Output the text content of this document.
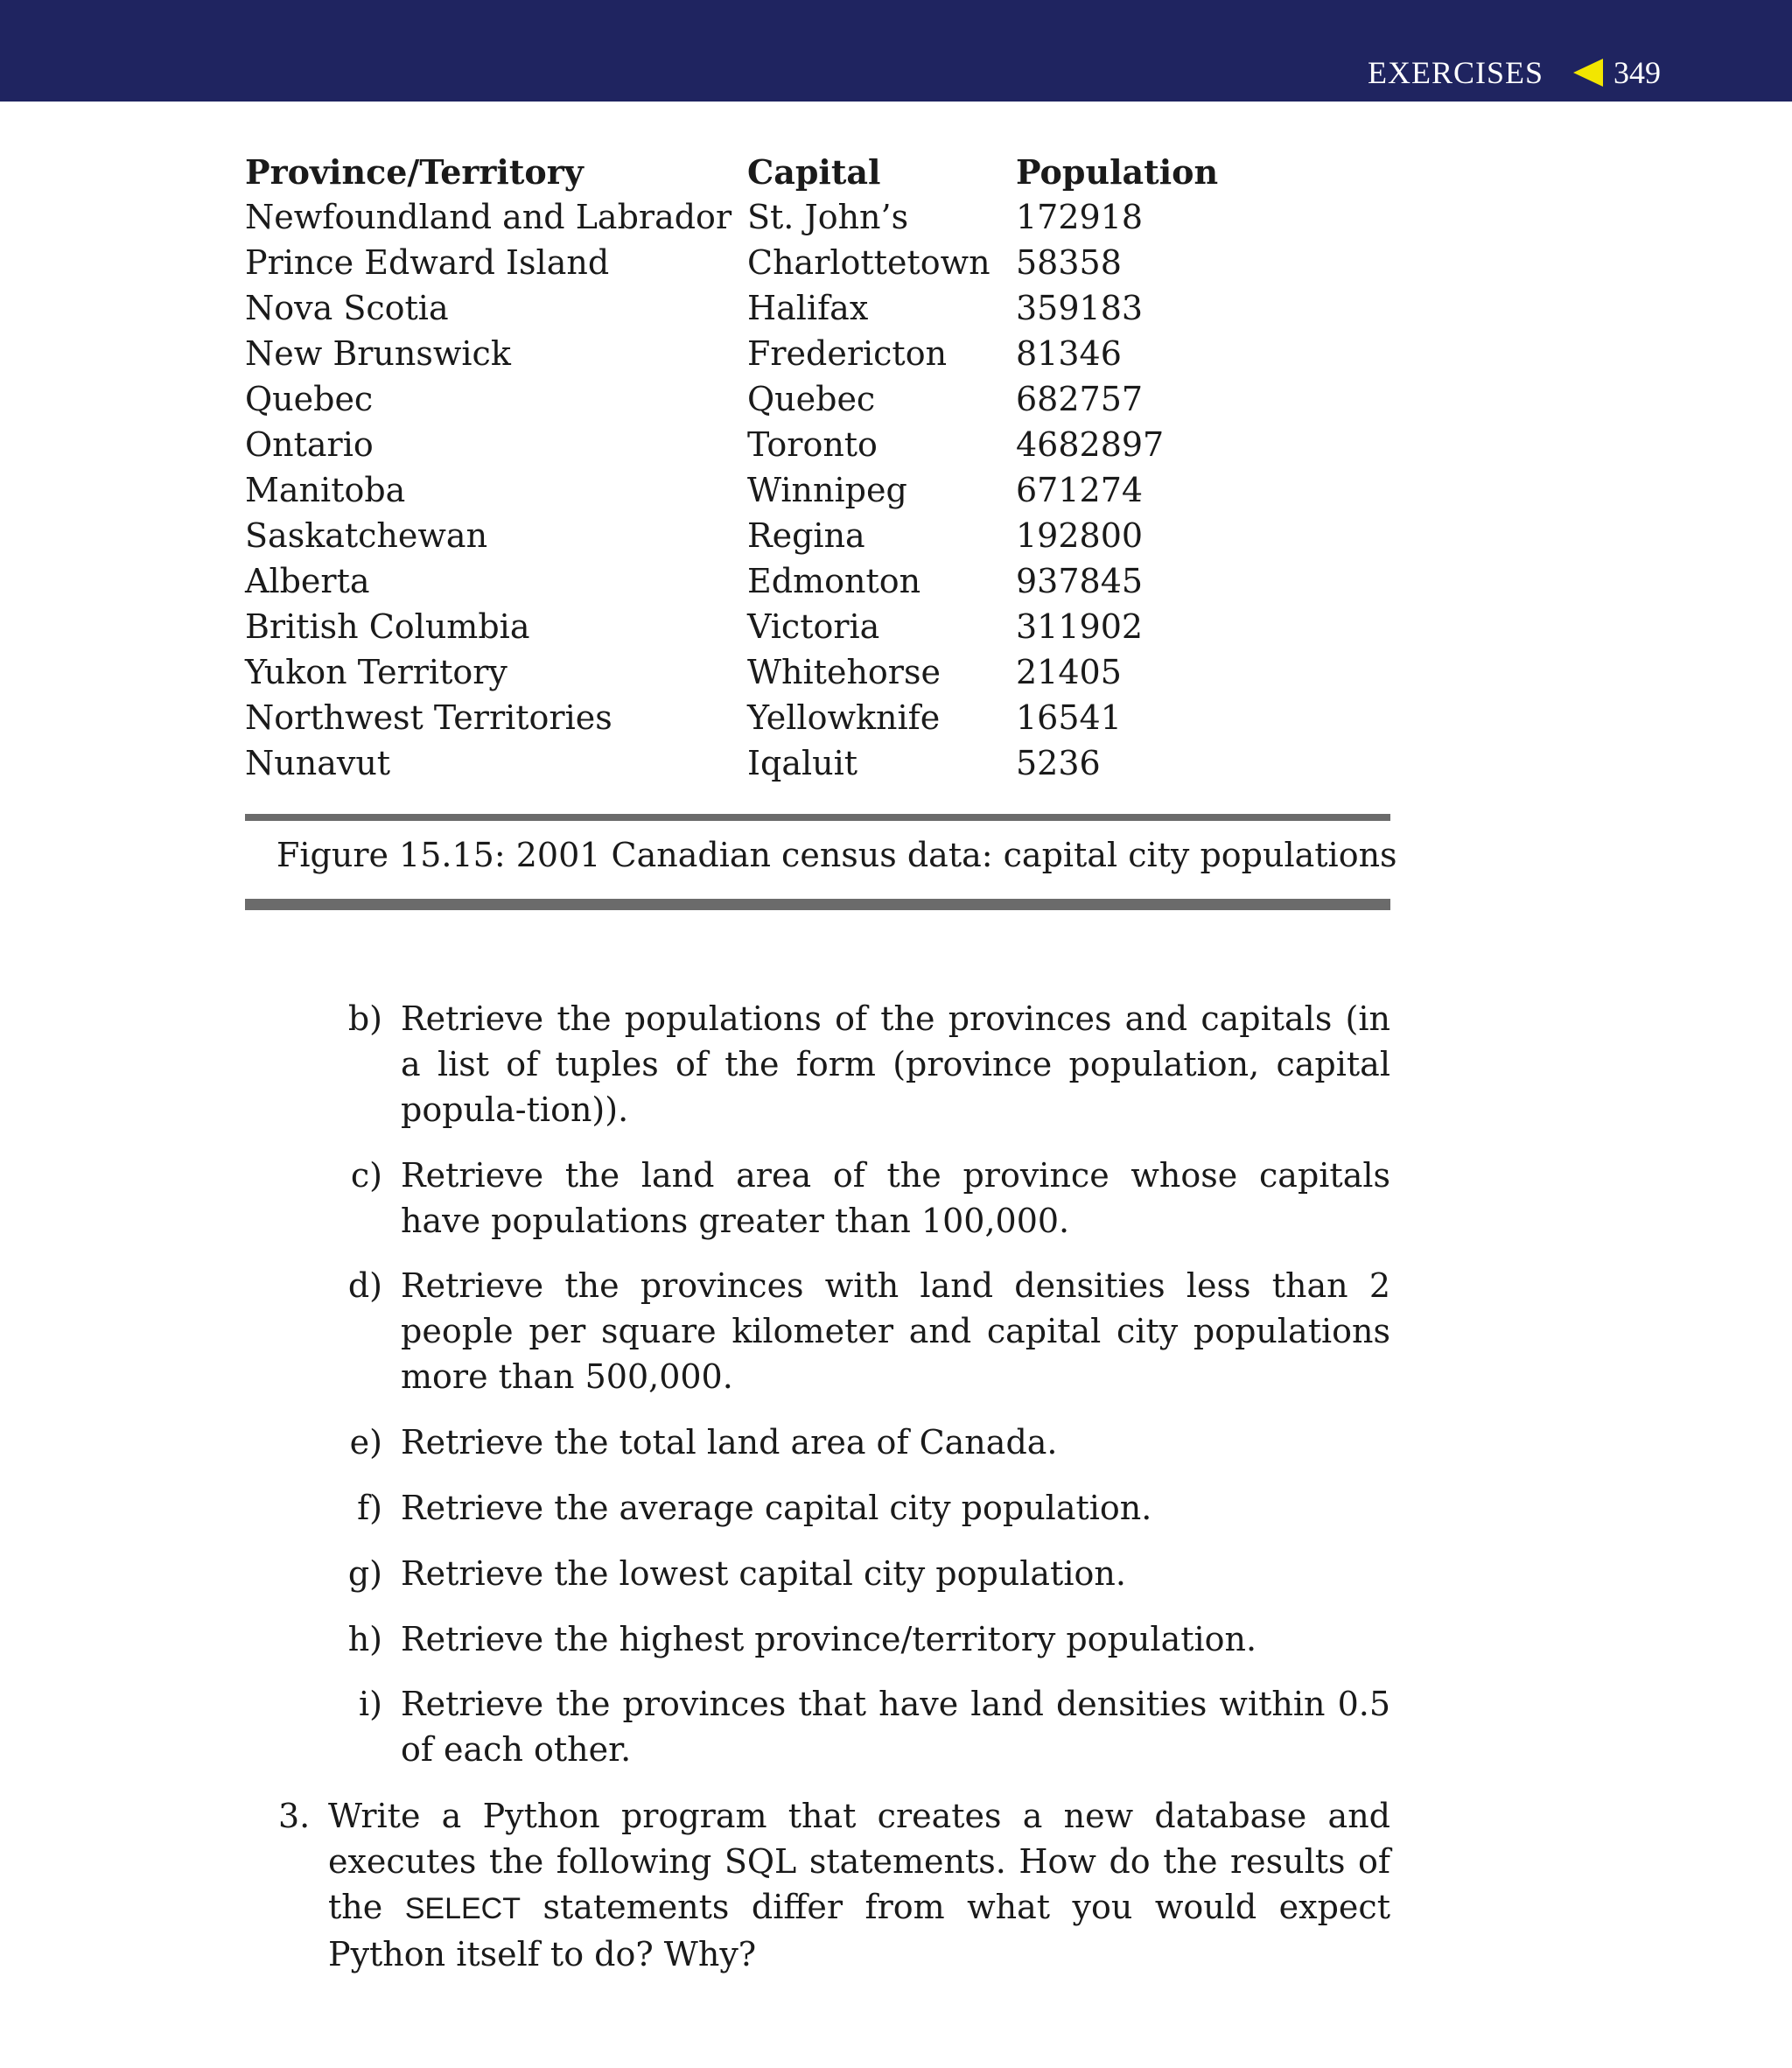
EXERCISES 349
Province/Territory	Capital	Population
Newfoundland and Labrador	St. John’s	172918
Prince Edward Island	Charlottetown	58358
Nova Scotia	Halifax	359183
New Brunswick	Fredericton	81346
Quebec	Quebec	682757
Ontario	Toronto	4682897
Manitoba	Winnipeg	671274
Saskatchewan	Regina	192800
Alberta	Edmonton	937845
British Columbia	Victoria	311902
Yukon Territory	Whitehorse	21405
Northwest Territories	Yellowknife	16541
Nunavut	Iqaluit	5236
Figure 15.15: 2001 Canadian census data: capital city populations
b) Retrieve the populations of the provinces and capitals (in a list of tuples of the form (province population, capital popula-tion)).
c) Retrieve the land area of the province whose capitals have populations greater than 100,000.
d) Retrieve the provinces with land densities less than 2 people per square kilometer and capital city populations more than 500,000.
e) Retrieve the total land area of Canada.
f) Retrieve the average capital city population.
g) Retrieve the lowest capital city population.
h) Retrieve the highest province/territory population.
i) Retrieve the provinces that have land densities within 0.5 of each other.
3. Write a Python program that creates a new database and executes the following SQL statements. How do the results of the SELECT statements differ from what you would expect Python itself to do? Why?
